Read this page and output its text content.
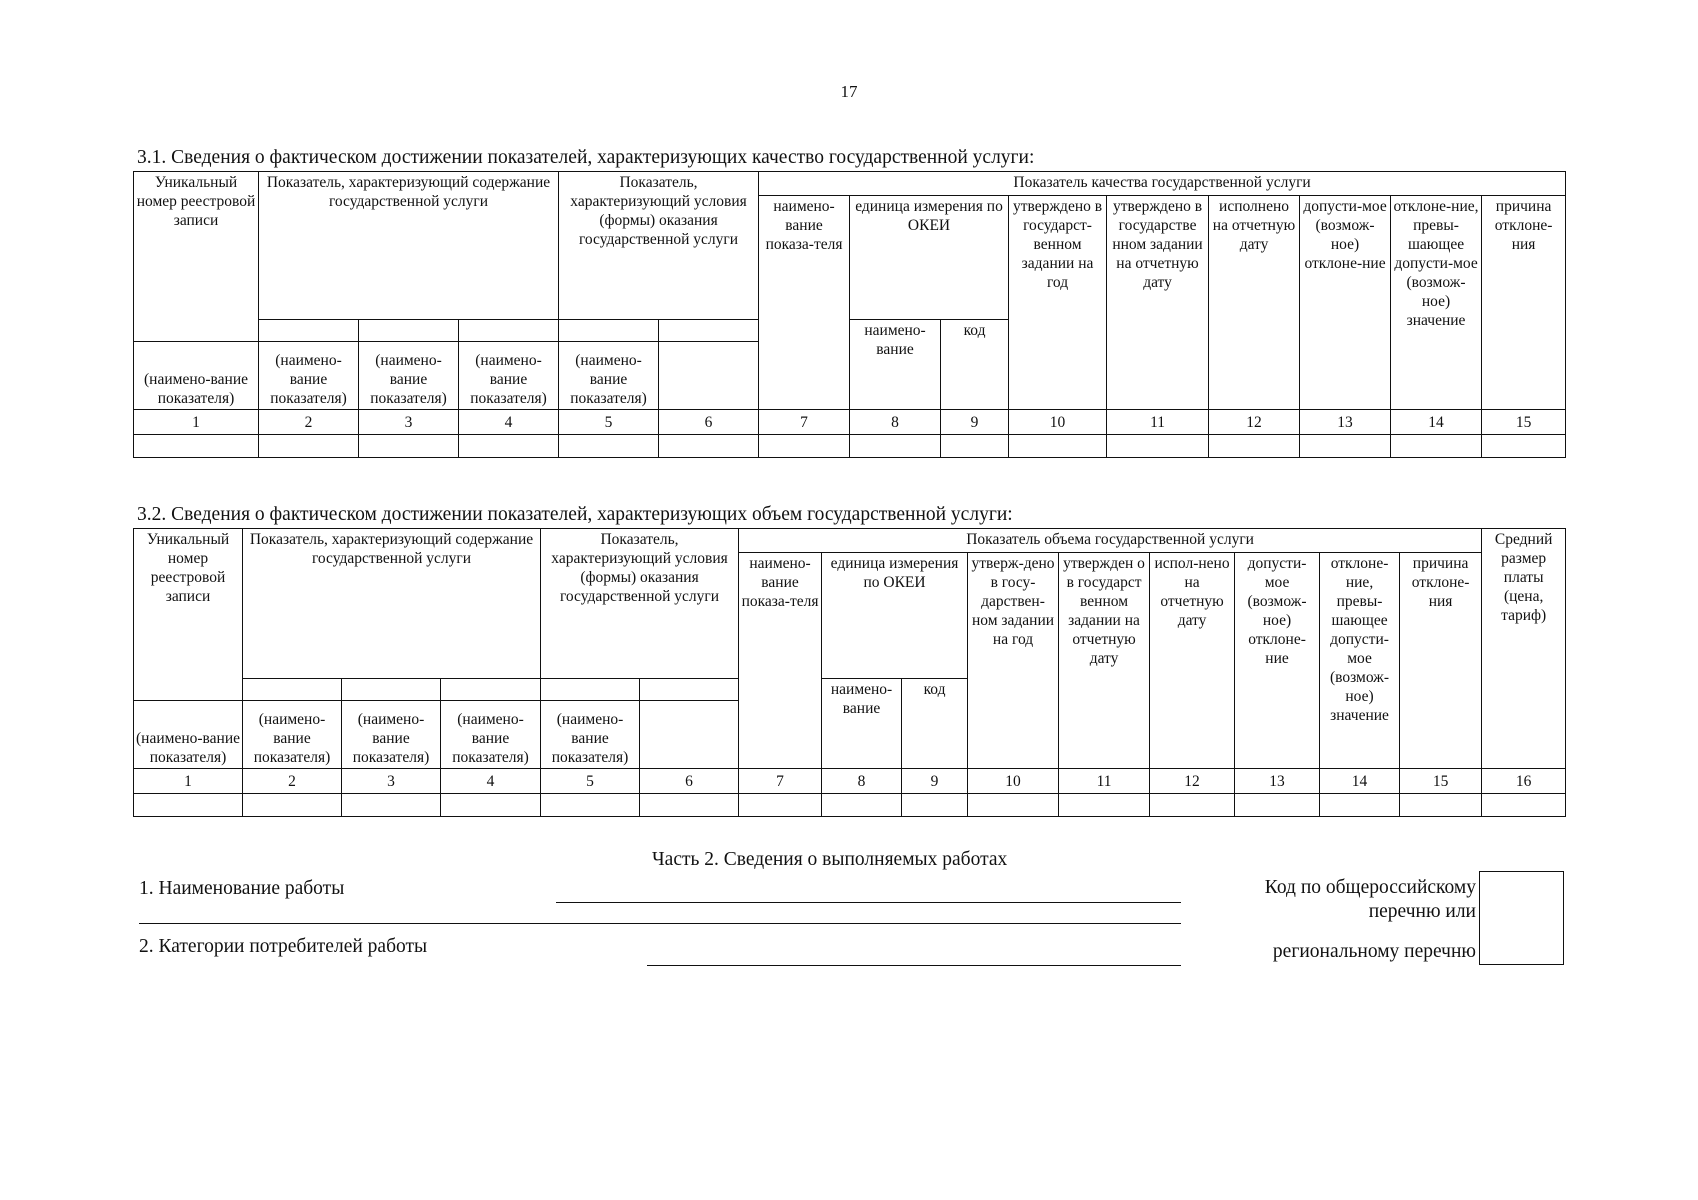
17
3.1. Сведения о фактическом достижении показателей, характеризующих качество государственной услуги:
Уникальный номер реестровой записи	Показатель, характеризующий содержание государственной услуги			Показатель, характеризующий условия (формы) оказания государственной услуги		Показатель качества государственной услуги								
						наимено-вание показа-теля	единица измерения по ОКЕИ		утверждено в государст-венном задании на год	утверждено в государстве нном задании на отчетную дату	исполнено на отчетную дату	допусти-мое (возмож-ное) отклоне-ние	отклоне-ние, превы-шающее допусти-мое (возмож-ное) значение	причина отклоне-ния
							наимено-вание	код						
(наимено-вание показателя)	(наимено-вание показателя)	(наимено-вание показателя)	(наимено-вание показателя)	(наимено-вание показателя)										
1	2	3	4	5	6	7	8	9	10	11	12	13	14	15

3.2. Сведения о фактическом достижении показателей, характеризующих объем государственной услуги:
Уникальный номер реестровой записи	Показатель, характеризующий содержание государственной услуги			Показатель, характеризующий условия (формы) оказания государственной услуги		Показатель объема государственной услуги									Средний размер платы (цена, тариф)
						наимено-вание показа-теля	единица измерения по ОКЕИ		утверж-дено в госу-дарствен-ном задании на год	утвержден о в государст венном задании на отчетную дату	испол-нено на отчетную дату	допусти-мое (возмож-ное) отклоне-ние	отклоне-ние, превы-шающее допусти-мое (возмож-ное) значение	причина отклоне-ния	
							наимено-вание	код							
(наимено-вание показателя)	(наимено-вание показателя)	(наимено-вание показателя)	(наимено-вание показателя)	(наимено-вание показателя)											
1	2	3	4	5	6	7	8	9	10	11	12	13	14	15	16

Часть 2. Сведения о выполняемых работах
1. Наименование работы
2. Категории потребителей работы
Код по общероссийскому
перечню или
региональному перечню
